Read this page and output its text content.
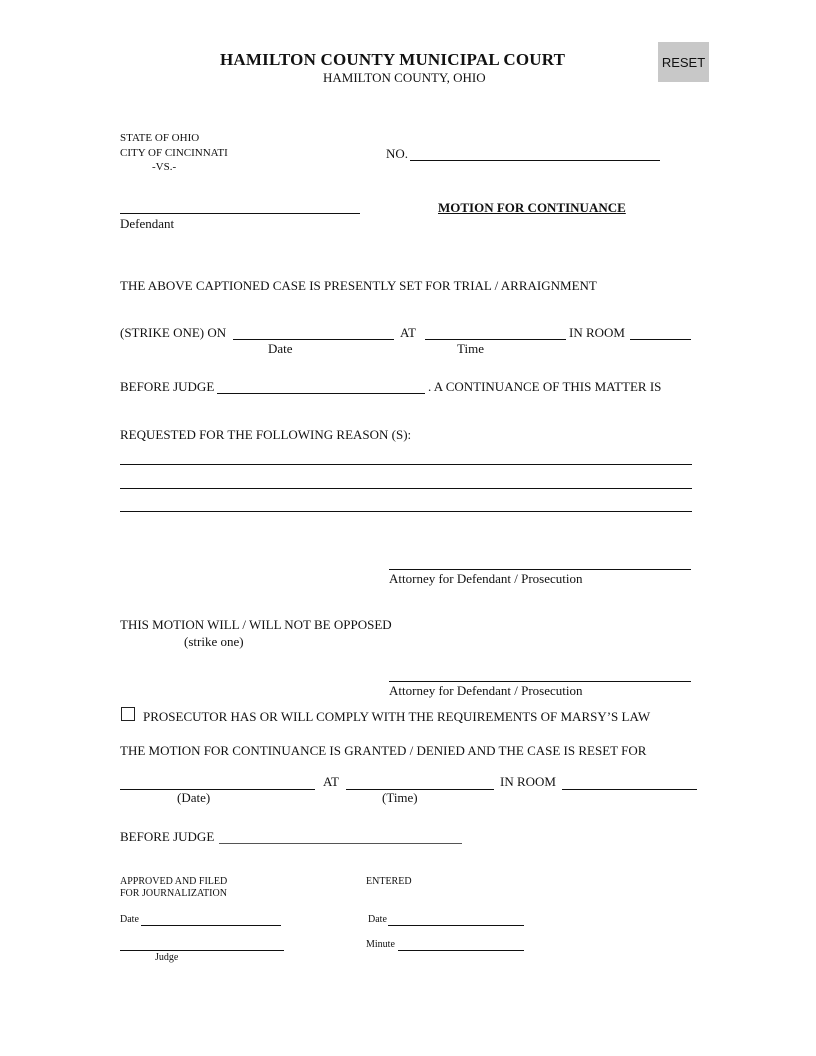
HAMILTON COUNTY MUNICIPAL COURT
HAMILTON COUNTY, OHIO
RESET
STATE OF OHIO
CITY OF CINCINNATI
-VS.-
NO.
Defendant
MOTION FOR CONTINUANCE
THE ABOVE CAPTIONED CASE IS PRESENTLY SET FOR TRIAL / ARRAIGNMENT
(STRIKE ONE) ON	AT	IN ROOM
Date	Time
BEFORE JUDGE	. A CONTINUANCE OF THIS MATTER IS
REQUESTED FOR THE FOLLOWING REASON (S):
Attorney for Defendant / Prosecution
THIS MOTION WILL / WILL NOT BE OPPOSED
(strike one)
Attorney for Defendant / Prosecution
PROSECUTOR HAS OR WILL COMPLY WITH THE REQUIREMENTS OF MARSY’S LAW
THE MOTION FOR CONTINUANCE IS GRANTED / DENIED AND THE CASE IS RESET FOR
AT	IN ROOM
(Date)	(Time)
BEFORE JUDGE
APPROVED AND FILED
FOR JOURNALIZATION
ENTERED
Date	Date
Minute
Judge
